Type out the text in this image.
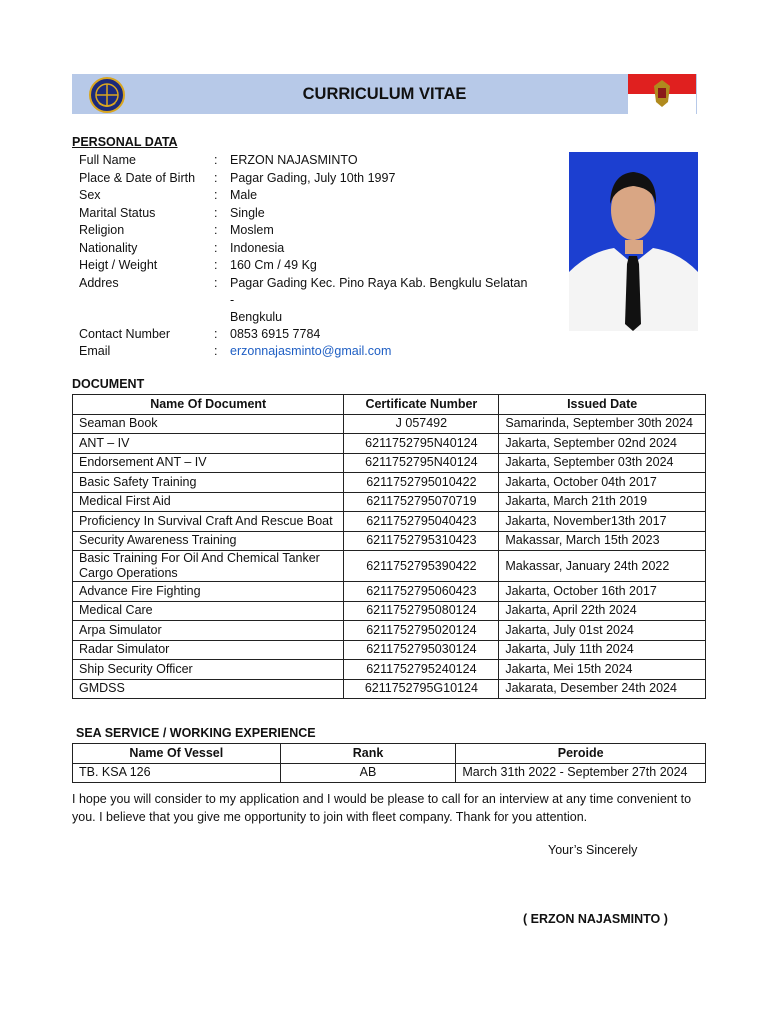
CURRICULUM VITAE
PERSONAL DATA
Full Name	:	ERZON NAJASMINTO
Place & Date of Birth	:	Pagar Gading, July 10th 1997
Sex	:	Male
Marital Status	:	Single
Religion	:	Moslem
Nationality	:	Indonesia
Heigt / Weight	:	160 Cm / 49 Kg
Addres	:	Pagar Gading Kec. Pino Raya Kab. Bengkulu Selatan -
Bengkulu

Contact Number	:	0853 6915 7784
Email	:	erzonnajasminto@gmail.com
DOCUMENT
Name Of Document	Certificate Number	Issued Date
Seaman Book	J 057492	Samarinda, September 30th 2024
ANT – IV	6211752795N40124	Jakarta, September 02nd 2024
Endorsement ANT – IV	6211752795N40124	Jakarta, September 03th 2024
Basic Safety Training	6211752795010422	Jakarta, October 04th 2017
Medical First Aid	6211752795070719	Jakarta, March 21th 2019
Proficiency In Survival Craft And Rescue Boat	6211752795040423	Jakarta, November13th 2017
Security Awareness Training	6211752795310423	Makassar, March 15th 2023

Basic Training For Oil And Chemical Tanker
Cargo Operations	6211752795390422	Makassar, January 24th 2022
Advance Fire Fighting	6211752795060423	Jakarta, October 16th 2017
Medical Care	6211752795080124	Jakarta, April 22th 2024
Arpa Simulator	6211752795020124	Jakarta, July 01st 2024
Radar Simulator	6211752795030124	Jakarta, July 11th 2024
Ship Security Officer	6211752795240124	Jakarta, Mei 15th 2024
GMDSS	6211752795G10124	Jakarata, Desember 24th 2024
SEA SERVICE / WORKING EXPERIENCE
Name Of Vessel	Rank	Peroide
TB. KSA 126	AB	March 31th 2022 - September 27th 2024
I hope you will consider to my application and I would be please to call for an interview at any time convenient to you. I believe that you give me opportunity to join with fleet company. Thank for you attention.
Your’s Sincerely
( ERZON NAJASMINTO )
